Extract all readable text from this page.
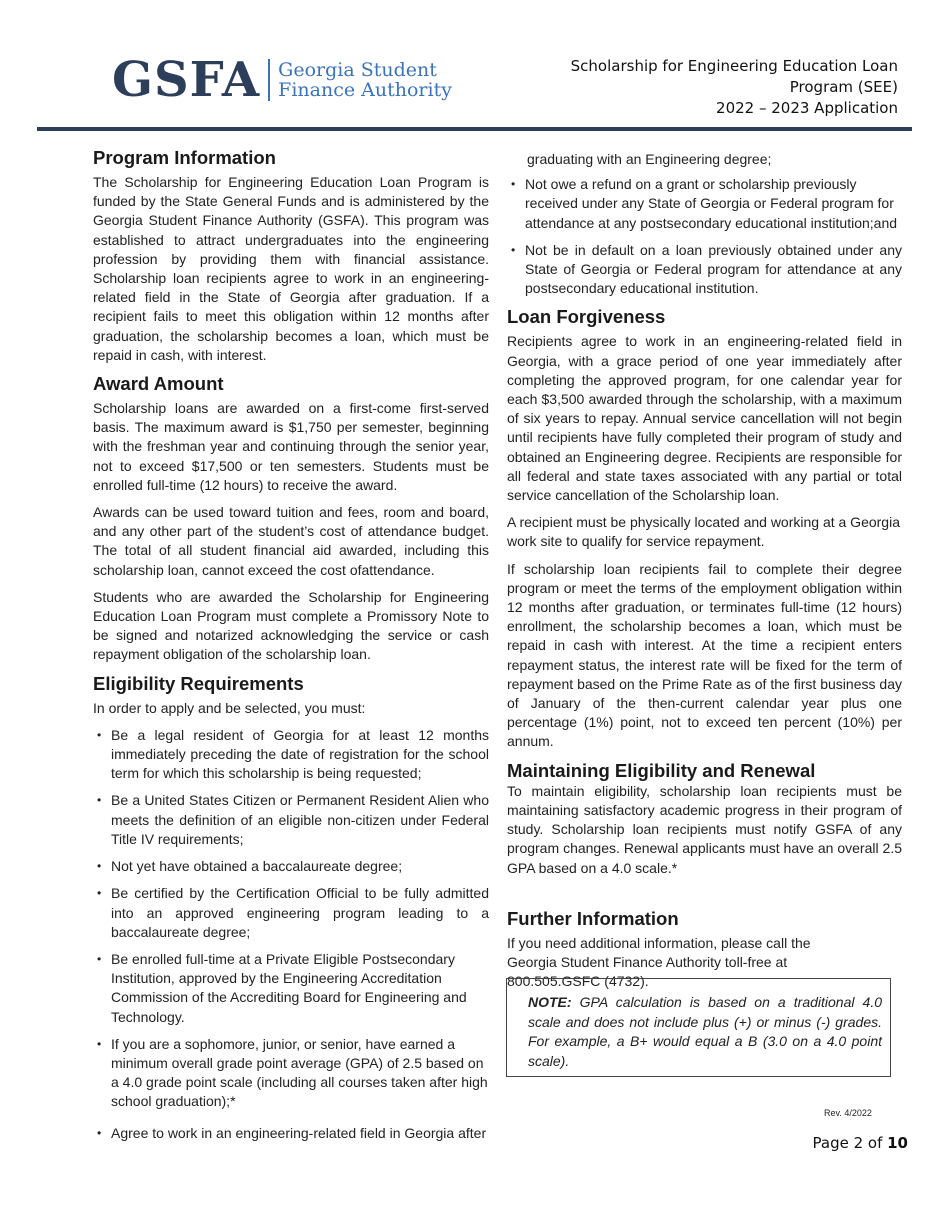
GSFA Georgia Student
Finance Authority
Scholarship for Engineering Education Loan
Program (SEE)
2022 – 2023 Application
Program Information

The Scholarship for Engineering Education Loan Program is funded by the State General Funds and is administered by the Georgia Student Finance Authority (GSFA). This program was established to attract undergraduates into the engineering profession by providing them with financial assistance. Scholarship loan recipients agree to work in an engineering-related field in the State of Georgia after graduation. If a recipient fails to meet this obligation within 12 months after graduation, the scholarship becomes a loan, which must be repaid in cash, with interest.

Award Amount

Scholarship loans are awarded on a first-come first-served basis. The maximum award is $1,750 per semester, beginning with the freshman year and continuing through the senior year, not to exceed $17,500 or ten semesters. Students must be enrolled full-time (12 hours) to receive the award.

Awards can be used toward tuition and fees, room and board, and any other part of the student’s cost of attendance budget. The total of all student financial aid awarded, including this scholarship loan, cannot exceed the cost ofattendance.

Students who are awarded the Scholarship for Engineering Education Loan Program must complete a Promissory Note to be signed and notarized acknowledging the service or cash repayment obligation of the scholarship loan.

Eligibility Requirements

In order to apply and be selected, you must:

• Be a legal resident of Georgia for at least 12 months immediately preceding the date of registration for the school term for which this scholarship is being requested;
• Be a United States Citizen or Permanent Resident Alien who meets the definition of an eligible non-citizen under Federal Title IV requirements;
• Not yet have obtained a baccalaureate degree;
• Be certified by the Certification Official to be fully admitted into an approved engineering program leading to a baccalaureate degree;
• Be enrolled full-time at a Private Eligible Postsecondary Institution, approved by the Engineering Accreditation Commission of the Accrediting Board for Engineering and Technology.
• If you are a sophomore, junior, or senior, have earned a minimum overall grade point average (GPA) of 2.5 based on a 4.0 grade point scale (including all courses taken after high school graduation);*
• Agree to work in an engineering-related field in Georgia after
graduating with an Engineering degree;
• Not owe a refund on a grant or scholarship previously received under any State of Georgia or Federal program for attendance at any postsecondary educational institution;and
• Not be in default on a loan previously obtained under any State of Georgia or Federal program for attendance at any postsecondary educational institution.
Loan Forgiveness

Recipients agree to work in an engineering-related field in Georgia, with a grace period of one year immediately after completing the approved program, for one calendar year for each $3,500 awarded through the scholarship, with a maximum of six years to repay. Annual service cancellation will not begin until recipients have fully completed their program of study and obtained an Engineering degree. Recipients are responsible for all federal and state taxes associated with any partial or total service cancellation of the Scholarship loan.

A recipient must be physically located and working at a Georgia work site to qualify for service repayment.

If scholarship loan recipients fail to complete their degree program or meet the terms of the employment obligation within 12 months after graduation, or terminates full-time (12 hours) enrollment, the scholarship becomes a loan, which must be repaid in cash with interest. At the time a recipient enters repayment status, the interest rate will be fixed for the term of repayment based on the Prime Rate as of the first business day of January of the then-current calendar year plus one percentage (1%) point, not to exceed ten percent (10%) per annum.

Maintaining Eligibility and Renewal

To maintain eligibility, scholarship loan recipients must be maintaining satisfactory academic progress in their program of study. Scholarship loan recipients must notify GSFA of any program changes. Renewal applicants must have an overall 2.5 GPA based on a 4.0 scale.*

Further Information
If you need additional information, please call the
Georgia Student Finance Authority toll-free at
800.505.GSFC (4732).
NOTE: GPA calculation is based on a traditional 4.0 scale and does not include plus (+) or minus (-) grades. For example, a B+ would equal a B (3.0 on a 4.0 point scale).
Rev. 4/2022
Page 2 of 10
